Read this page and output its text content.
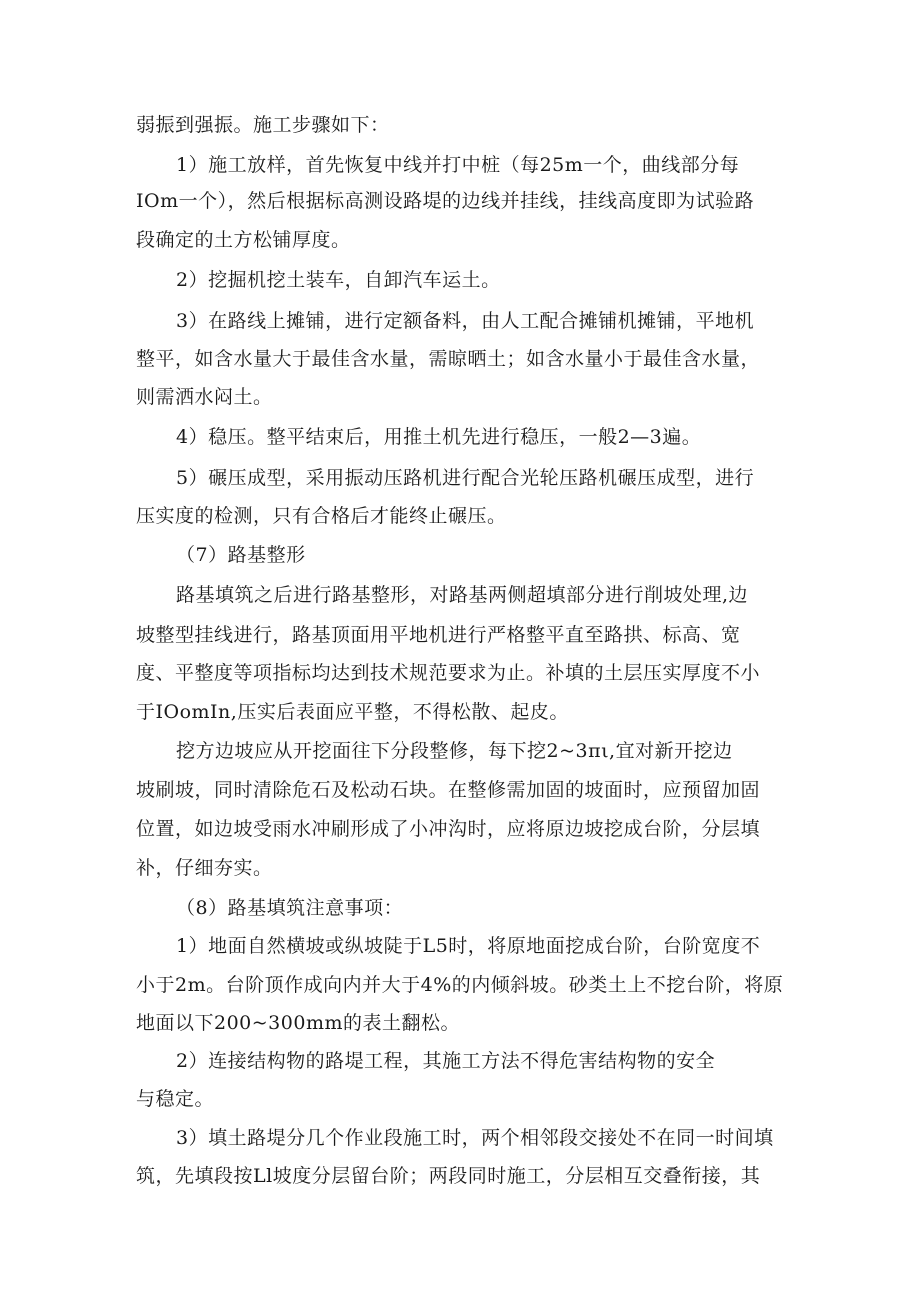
弱振到强振。施工步骤如下：
1）施工放样，首先恢复中线并打中桩（每25m一个，曲线部分每
IOm一个），然后根据标高测设路堤的边线并挂线，挂线高度即为试验路
段确定的土方松铺厚度。
2）挖掘机挖土装车，自卸汽车运土。
3）在路线上摊铺，进行定额备料，由人工配合摊铺机摊铺，平地机
整平，如含水量大于最佳含水量，需晾晒土；如含水量小于最佳含水量，
则需洒水闷土。
4）稳压。整平结束后，用推土机先进行稳压，一般2—3遍。
5）碾压成型，采用振动压路机进行配合光轮压路机碾压成型，进行
压实度的检测，只有合格后才能终止碾压。
（7）路基整形
路基填筑之后进行路基整形，对路基两侧超填部分进行削坡处理,边
坡整型挂线进行，路基顶面用平地机进行严格整平直至路拱、标高、宽
度、平整度等项指标均达到技术规范要求为止。补填的土层压实厚度不小
于IOomIn,压实后表面应平整，不得松散、起皮。
挖方边坡应从开挖面往下分段整修，每下挖2~3πι,宜对新开挖边
坡刷坡，同时清除危石及松动石块。在整修需加固的坡面时，应预留加固
位置，如边坡受雨水冲刷形成了小冲沟时，应将原边坡挖成台阶，分层填
补，仔细夯实。
（8）路基填筑注意事项：
1）地面自然横坡或纵坡陡于L5时，将原地面挖成台阶，台阶宽度不
小于2m。台阶顶作成向内并大于4%的内倾斜坡。砂类土上不挖台阶，将原
地面以下200~300mm的表土翻松。
2）连接结构物的路堤工程，其施工方法不得危害结构物的安全
与稳定。
3）填土路堤分几个作业段施工时，两个相邻段交接处不在同一时间填
筑，先填段按Ll坡度分层留台阶；两段同时施工，分层相互交叠衔接，其
